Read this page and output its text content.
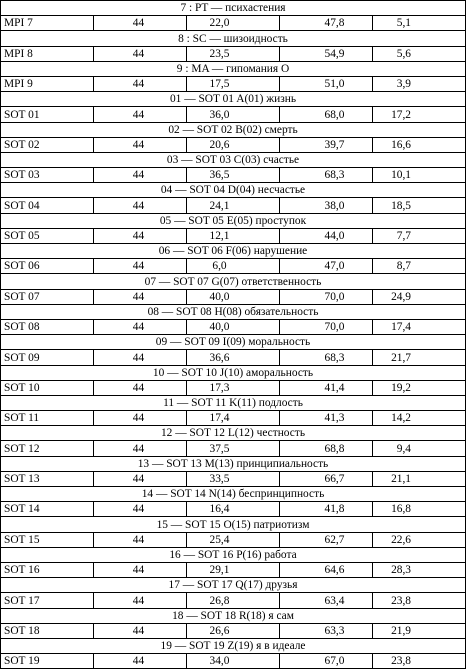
7 : PT — психастения				
MPI 7	44	22,0	47,8	5,1
8 : SC — шизоидность				
MPI 8	44	23,5	54,9	5,6
9 : MA — гипомания O				
MPI 9	44	17,5	51,0	3,9
01 — SOT 01 A(01) жизнь				
SOT 01	44	36,0	68,0	17,2
02 — SOT 02 B(02) смерть				
SOT 02	44	20,6	39,7	16,6
03 — SOT 03 C(03) счастье				
SOT 03	44	36,5	68,3	10,1
04 — SOT 04 D(04) несчастье				
SOT 04	44	24,1	38,0	18,5
05 — SOT 05 E(05) проступок				
SOT 05	44	12,1	44,0	7,7
06 — SOT 06 F(06) нарушение				
SOT 06	44	6,0	47,0	8,7
07 — SOT 07 G(07) ответственность				
SOT 07	44	40,0	70,0	24,9
08 — SOT 08 H(08) обязательность				
SOT 08	44	40,0	70,0	17,4
09 — SOT 09 I(09) моральность				
SOT 09	44	36,6	68,3	21,7
10 — SOT 10 J(10) аморальность				
SOT 10	44	17,3	41,4	19,2
11 — SOT 11 K(11) подлость				
SOT 11	44	17,4	41,3	14,2
12 — SOT 12 L(12) честность				
SOT 12	44	37,5	68,8	9,4
13 — SOT 13 M(13) принципиальность				
SOT 13	44	33,5	66,7	21,1
14 — SOT 14 N(14) беспринципность				
SOT 14	44	16,4	41,8	16,8
15 — SOT 15 O(15) патриотизм				
SOT 15	44	25,4	62,7	22,6
16 — SOT 16 P(16) работа				
SOT 16	44	29,1	64,6	28,3
17 — SOT 17 Q(17) друзья				
SOT 17	44	26,8	63,4	23,8
18 — SOT 18 R(18) я сам				
SOT 18	44	26,6	63,3	21,9
19 — SOT 19 Z(19) я в идеале				
SOT 19	44	34,0	67,0	23,8
